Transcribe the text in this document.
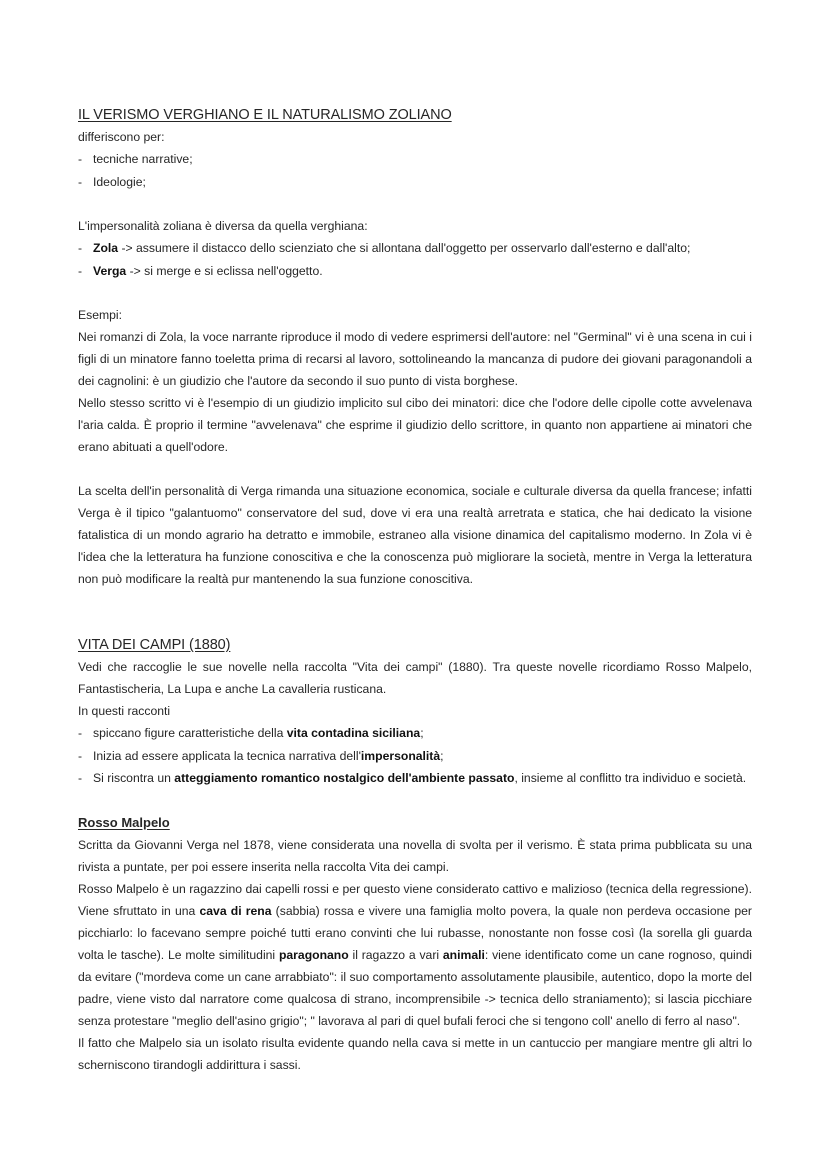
IL VERISMO VERGHIANO E IL NATURALISMO ZOLIANO

differiscono per:

- tecniche narrative;
- Ideologie;

L'impersonalità zoliana è diversa da quella verghiana:

- Zola -> assumere il distacco dello scienziato che si allontana dall'oggetto per osservarlo dall'esterno e dall'alto;
- Verga -> si merge e si eclissa nell'oggetto.

Esempi:

Nei romanzi di Zola, la voce narrante riproduce il modo di vedere esprimersi dell'autore: nel "Germinal" vi è una scena in cui i figli di un minatore fanno toeletta prima di recarsi al lavoro, sottolineando la mancanza di pudore dei giovani paragonandoli a dei cagnolini: è un giudizio che l'autore da secondo il suo punto di vista borghese.

Nello stesso scritto vi è l'esempio di un giudizio implicito sul cibo dei minatori: dice che l'odore delle cipolle cotte avvelenava l'aria calda. È proprio il termine "avvelenava" che esprime il giudizio dello scrittore, in quanto non appartiene ai minatori che erano abituati a quell'odore.

La scelta dell'in personalità di Verga rimanda una situazione economica, sociale e culturale diversa da quella francese; infatti Verga è il tipico "galantuomo" conservatore del sud, dove vi era una realtà arretrata e statica, che hai dedicato la visione fatalistica di un mondo agrario ha detratto e immobile, estraneo alla visione dinamica del capitalismo moderno. In Zola vi è l'idea che la letteratura ha funzione conoscitiva e che la conoscenza può migliorare la società, mentre in Verga la letteratura non può modificare la realtà pur mantenendo la sua funzione conoscitiva.

VITA DEI CAMPI (1880)

Vedi che raccoglie le sue novelle nella raccolta "Vita dei campi" (1880). Tra queste novelle ricordiamo Rosso Malpelo, Fantastischeria, La Lupa e anche La cavalleria rusticana.

In questi racconti

- spiccano figure caratteristiche della vita contadina siciliana;
- Inizia ad essere applicata la tecnica narrativa dell'impersonalità;
- Si riscontra un atteggiamento romantico nostalgico dell'ambiente passato, insieme al conflitto tra individuo e società.
Rosso Malpelo

Scritta da Giovanni Verga nel 1878, viene considerata una novella di svolta per il verismo. È stata prima pubblicata su una rivista a puntate, per poi essere inserita nella raccolta Vita dei campi.

Rosso Malpelo è un ragazzino dai capelli rossi e per questo viene considerato cattivo e malizioso (tecnica della regressione). Viene sfruttato in una cava di rena (sabbia) rossa e vivere una famiglia molto povera, la quale non perdeva occasione per picchiarlo: lo facevano sempre poiché tutti erano convinti che lui rubasse, nonostante non fosse così (la sorella gli guarda volta le tasche). Le molte similitudini paragonano il ragazzo a vari animali: viene identificato come un cane rognoso, quindi da evitare ("mordeva come un cane arrabbiato": il suo comportamento assolutamente plausibile, autentico, dopo la morte del padre, viene visto dal narratore come qualcosa di strano, incomprensibile -> tecnica dello straniamento); si lascia picchiare senza protestare "meglio dell'asino grigio"; " lavorava al pari di quel bufali feroci che si tengono coll' anello di ferro al naso".

Il fatto che Malpelo sia un isolato risulta evidente quando nella cava si mette in un cantuccio per mangiare mentre gli altri lo scherniscono tirandogli addirittura i sassi.
